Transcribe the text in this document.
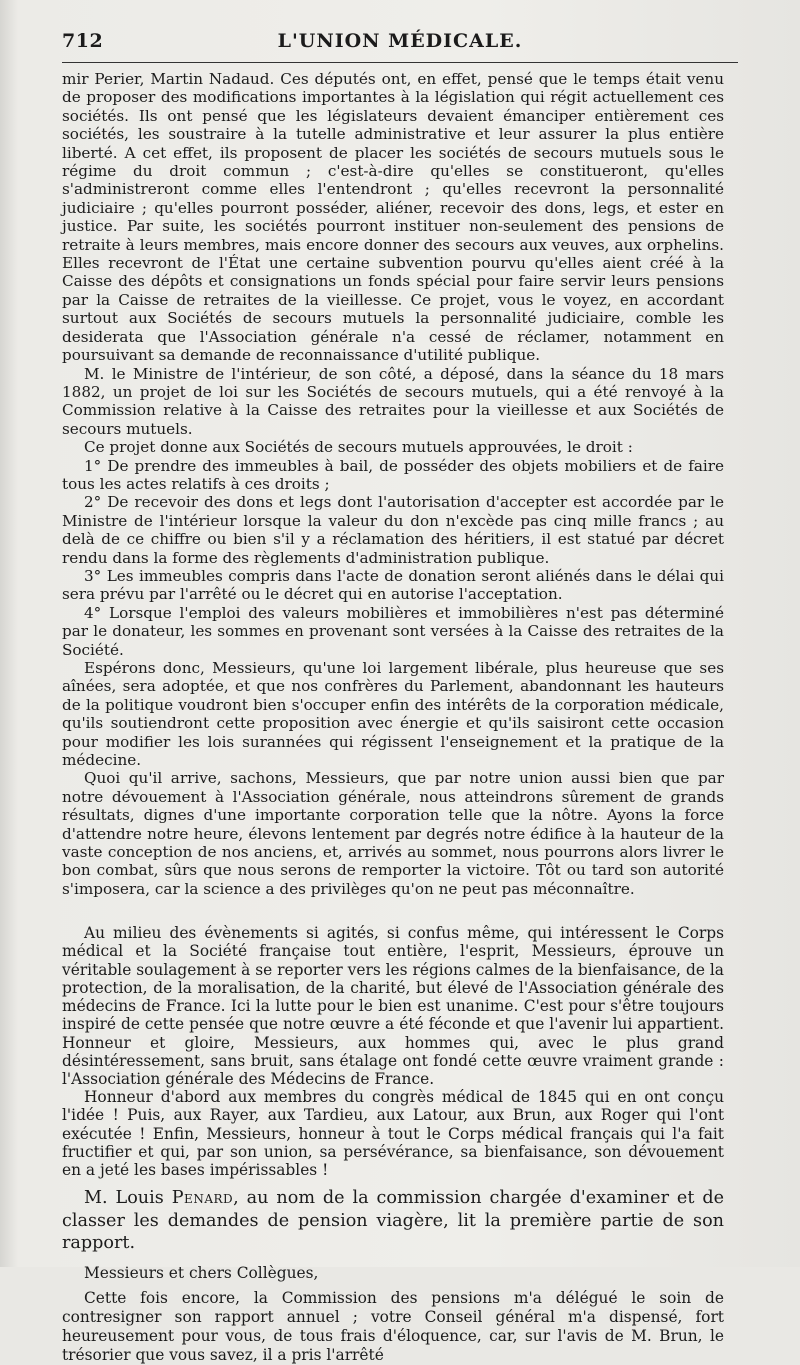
L'UNION MÉDICALE.
712

mir Perier, Martin Nadaud. Ces députés ont, en effet, pensé que le temps était venu de proposer des modifications importantes à la législation qui régit actuellement ces sociétés. Ils ont pensé que les législateurs devaient émanciper entièrement ces sociétés, les soustraire à la tutelle administrative et leur assurer la plus entière liberté. A cet effet, ils proposent de placer les sociétés de secours mutuels sous le régime du droit commun ; c'est-à-dire qu'elles se constitueront, qu'elles s'administreront comme elles l'entendront ; qu'elles recevront la personnalité judiciaire ; qu'elles pourront posséder, aliéner, recevoir des dons, legs, et ester en justice. Par suite, les sociétés pourront instituer non-seulement des pensions de retraite à leurs membres, mais encore donner des secours aux veuves, aux orphelins. Elles recevront de l'État une certaine subvention pourvu qu'elles aient créé à la Caisse des dépôts et consignations un fonds spécial pour faire servir leurs pensions par la Caisse de retraites de la vieillesse. Ce projet, vous le voyez, en accordant surtout aux Sociétés de secours mutuels la personnalité judiciaire, comble les desiderata que l'Association générale n'a cessé de réclamer, notamment en poursuivant sa demande de reconnaissance d'utilité publique.

M. le Ministre de l'intérieur, de son côté, a déposé, dans la séance du 18 mars 1882, un projet de loi sur les Sociétés de secours mutuels, qui a été renvoyé à la Commission relative à la Caisse des retraites pour la vieillesse et aux Sociétés de secours mutuels.

Ce projet donne aux Sociétés de secours mutuels approuvées, le droit :

1° De prendre des immeubles à bail, de posséder des objets mobiliers et de faire tous les actes relatifs à ces droits ;

2° De recevoir des dons et legs dont l'autorisation d'accepter est accordée par le Ministre de l'intérieur lorsque la valeur du don n'excède pas cinq mille francs ; au delà de ce chiffre ou bien s'il y a réclamation des héritiers, il est statué par décret rendu dans la forme des règlements d'administration publique.

3° Les immeubles compris dans l'acte de donation seront aliénés dans le délai qui sera prévu par l'arrêté ou le décret qui en autorise l'acceptation.

4° Lorsque l'emploi des valeurs mobilières et immobilières n'est pas déterminé par le donateur, les sommes en provenant sont versées à la Caisse des retraites de la Société.

Espérons donc, Messieurs, qu'une loi largement libérale, plus heureuse que ses aînées, sera adoptée, et que nos confrères du Parlement, abandonnant les hauteurs de la politique voudront bien s'occuper enfin des intérêts de la corporation médicale, qu'ils soutiendront cette proposition avec énergie et qu'ils saisiront cette occasion pour modifier les lois surannées qui régissent l'enseignement et la pratique de la médecine.

Quoi qu'il arrive, sachons, Messieurs, que par notre union aussi bien que par notre dévouement à l'Association générale, nous atteindrons sûrement de grands résultats, dignes d'une importante corporation telle que la nôtre. Ayons la force d'attendre notre heure, élevons lentement par degrés notre édifice à la hauteur de la vaste conception de nos anciens, et, arrivés au sommet, nous pourrons alors livrer le bon combat, sûrs que nous serons de remporter la victoire. Tôt ou tard son autorité s'imposera, car la science a des privilèges qu'on ne peut pas méconnaître.

Au milieu des évènements si agités, si confus même, qui intéressent le Corps médical et la Société française tout entière, l'esprit, Messieurs, éprouve un véritable soulagement à se reporter vers les régions calmes de la bienfaisance, de la protection, de la moralisation, de la charité, but élevé de l'Association générale des médecins de France. Ici la lutte pour le bien est unanime. C'est pour s'être toujours inspiré de cette pensée que notre œuvre a été féconde et que l'avenir lui appartient. Honneur et gloire, Messieurs, aux hommes qui, avec le plus grand désintéressement, sans bruit, sans étalage ont fondé cette œuvre vraiment grande : l'Association générale des Médecins de France.

Honneur d'abord aux membres du congrès médical de 1845 qui en ont conçu l'idée ! Puis, aux Rayer, aux Tardieu, aux Latour, aux Brun, aux Roger qui l'ont exécutée ! Enfin, Messieurs, honneur à tout le Corps médical français qui l'a fait fructifier et qui, par son union, sa persévérance, sa bienfaisance, son dévouement en a jeté les bases impérissables !

M. Louis Penard, au nom de la commission chargée d'examiner et de classer les demandes de pension viagère, lit la première partie de son rapport.

Messieurs et chers Collègues,

Cette fois encore, la Commission des pensions m'a délégué le soin de contresigner son rapport annuel ; votre Conseil général m'a dispensé, fort heureusement pour vous, de tous frais d'éloquence, car, sur l'avis de M. Brun, le trésorier que vous savez, il a pris l'arrêté
